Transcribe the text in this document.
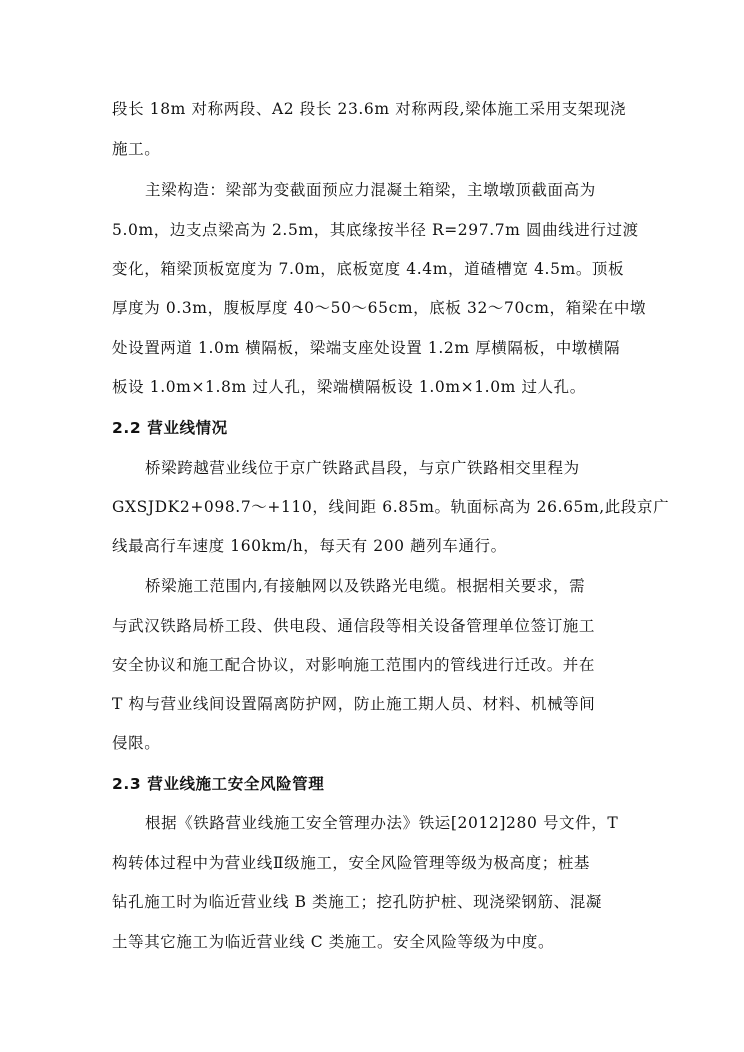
段长 18m 对称两段、A2 段长 23.6m 对称两段,梁体施工采用支架现浇
施工。
主梁构造：梁部为变截面预应力混凝土箱梁，主墩墩顶截面高为
5.0m，边支点梁高为 2.5m，其底缘按半径 R=297.7m 圆曲线进行过渡
变化，箱梁顶板宽度为 7.0m，底板宽度 4.4m，道碴槽宽 4.5m。顶板
厚度为 0.3m，腹板厚度 40～50～65cm，底板 32～70cm，箱梁在中墩
处设置两道 1.0m 横隔板，梁端支座处设置 1.2m 厚横隔板，中墩横隔
板设 1.0m×1.8m 过人孔，梁端横隔板设 1.0m×1.0m 过人孔。
2.2 营业线情况
桥梁跨越营业线位于京广铁路武昌段，与京广铁路相交里程为
GXSJDK2+098.7～+110，线间距 6.85m。轨面标高为 26.65m,此段京广
线最高行车速度 160km/h，每天有 200 趟列车通行。
桥梁施工范围内,有接触网以及铁路光电缆。根据相关要求，需
与武汉铁路局桥工段、供电段、通信段等相关设备管理单位签订施工
安全协议和施工配合协议，对影响施工范围内的管线进行迁改。并在
T 构与营业线间设置隔离防护网，防止施工期人员、材料、机械等间
侵限。
2.3 营业线施工安全风险管理
根据《铁路营业线施工安全管理办法》铁运[2012]280 号文件，T
构转体过程中为营业线Ⅱ级施工，安全风险管理等级为极高度；桩基
钻孔施工时为临近营业线 B 类施工；挖孔防护桩、现浇梁钢筋、混凝
土等其它施工为临近营业线 C 类施工。安全风险等级为中度。
